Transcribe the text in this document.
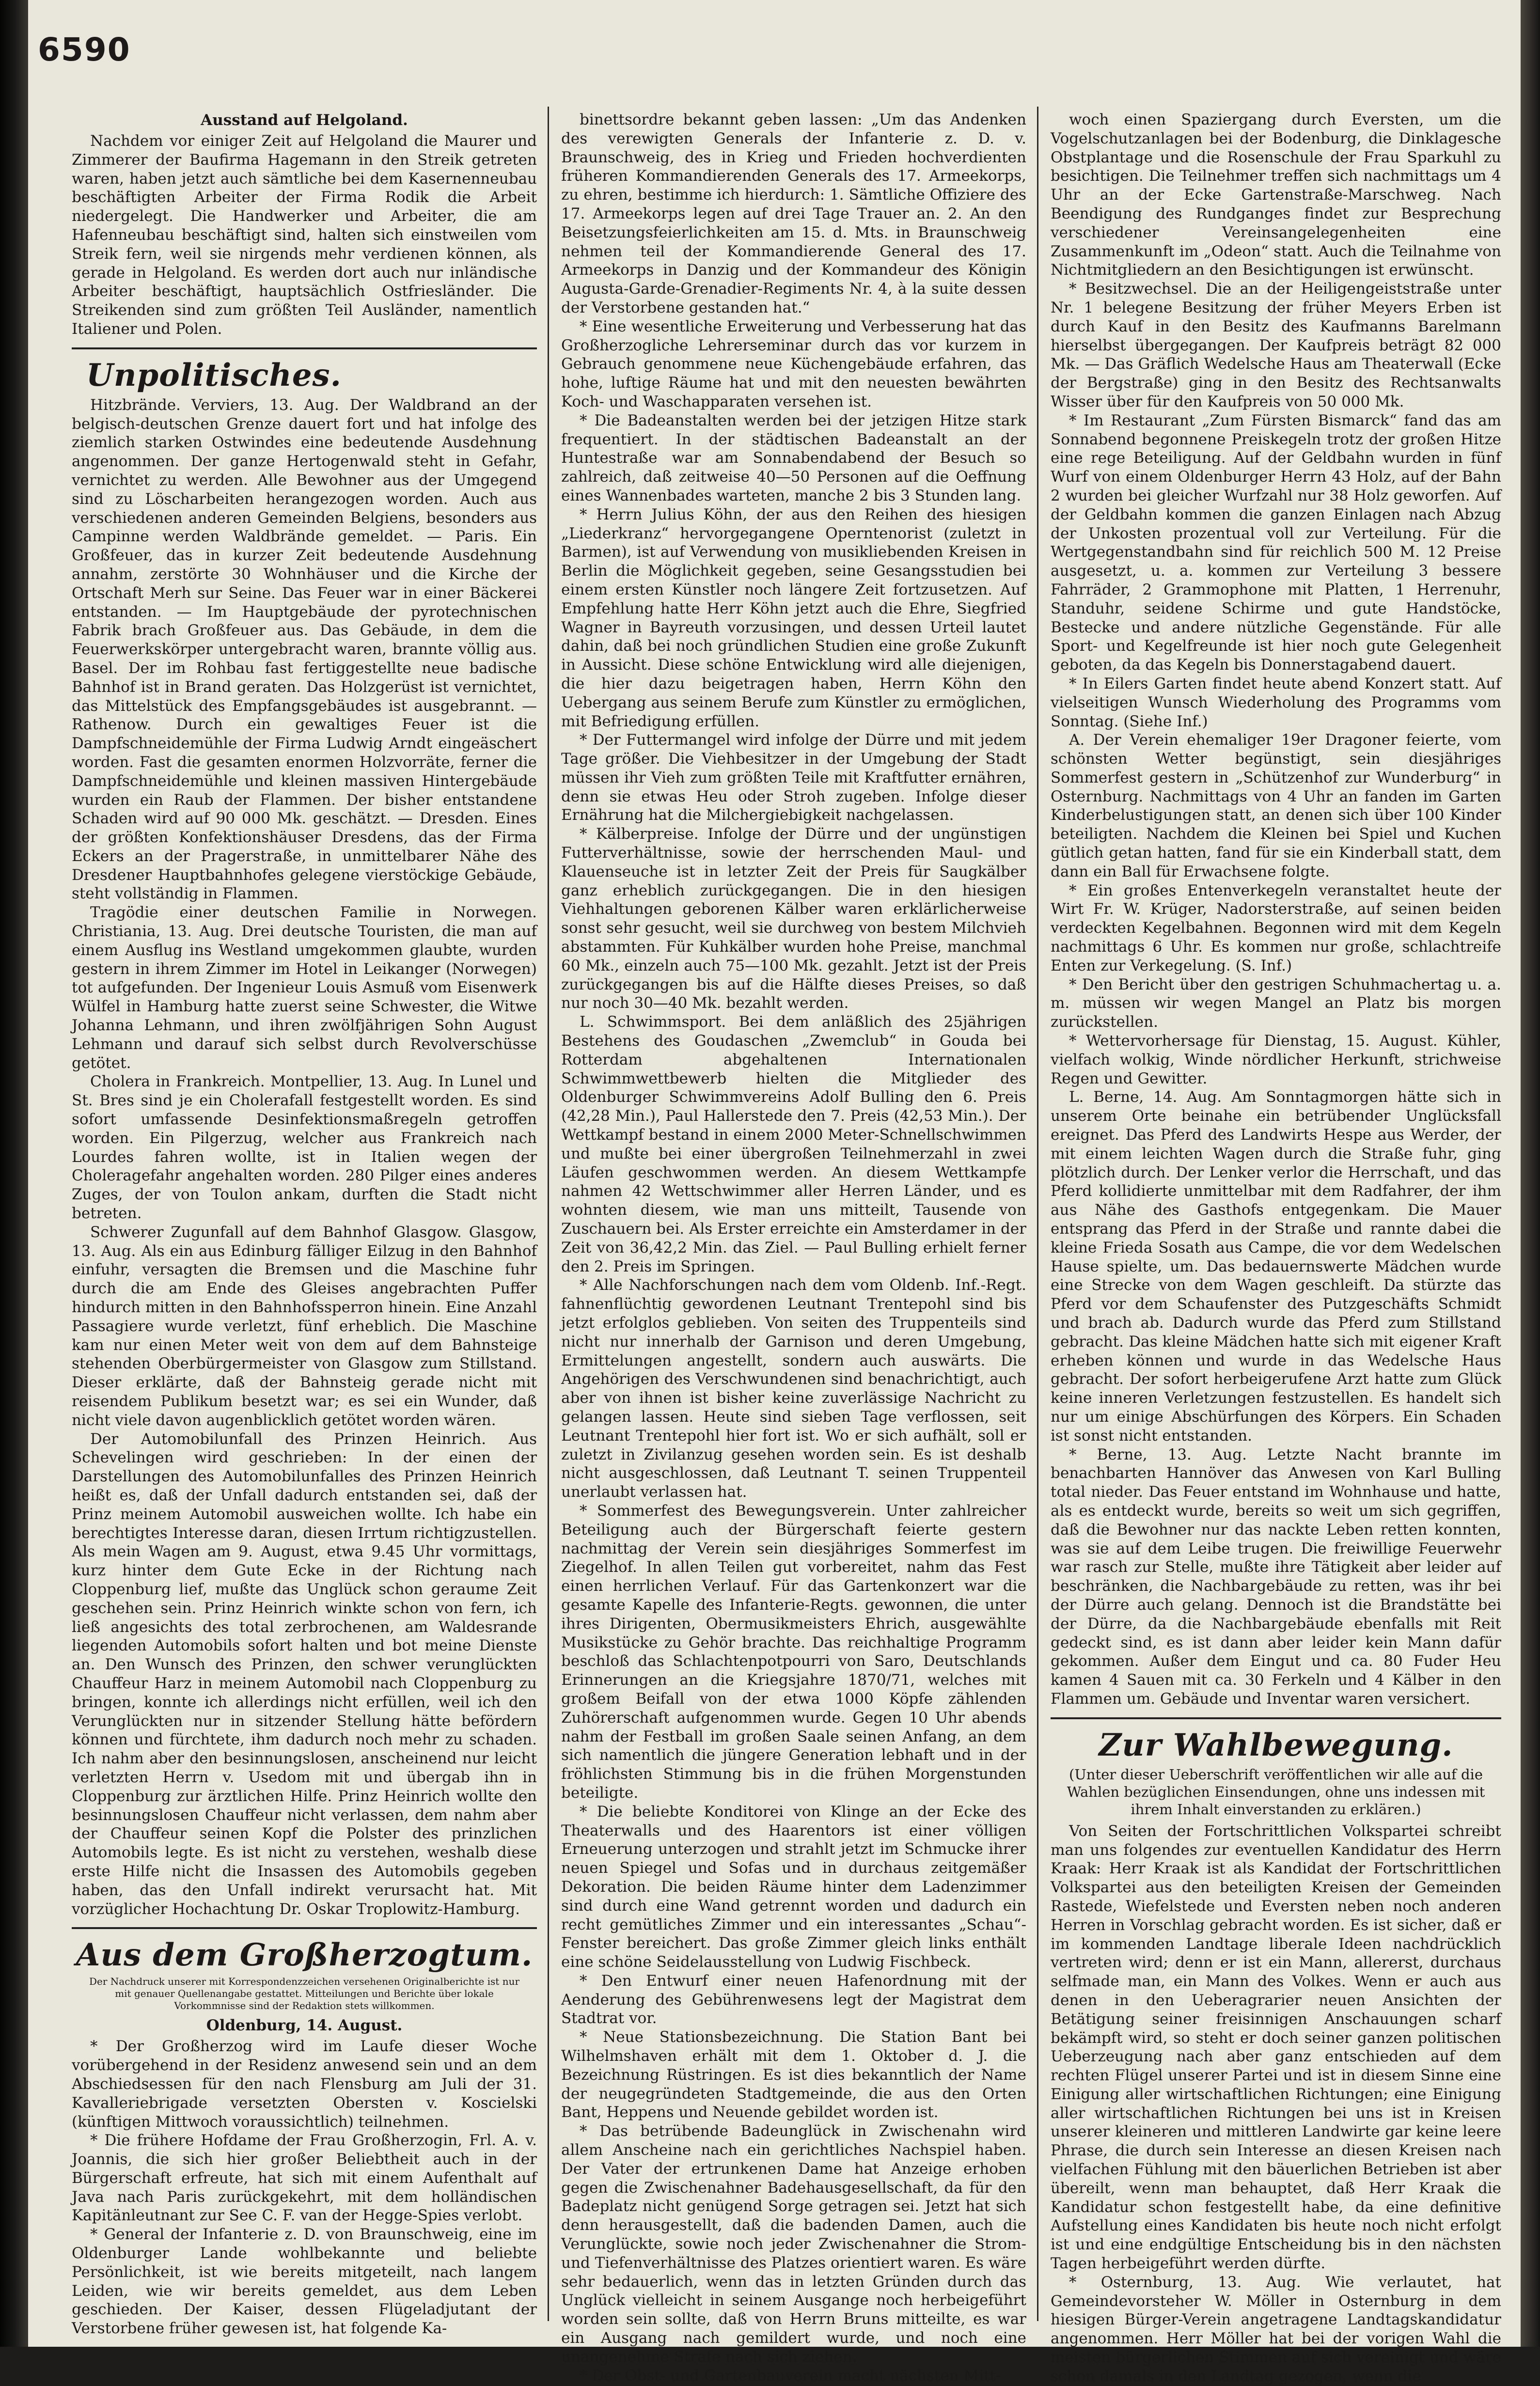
6590
Ausstand auf Helgoland.

Nachdem vor einiger Zeit auf Helgoland die Maurer und Zimmerer der Baufirma Hagemann in den Streik getreten waren, haben jetzt auch sämtliche bei dem Kasernenneubau beschäftigten Arbeiter der Firma Rodik die Arbeit niedergelegt. Die Handwerker und Arbeiter, die am Hafenneubau beschäftigt sind, halten sich einstweilen vom Streik fern, weil sie nirgends mehr verdienen können, als gerade in Helgoland. Es werden dort auch nur inländische Arbeiter beschäftigt, hauptsächlich Ostfriesländer. Die Streikenden sind zum größten Teil Ausländer, namentlich Italiener und Polen.

Unpolitisches.

Hitzbrände. Verviers, 13. Aug. Der Waldbrand an der belgisch-deutschen Grenze dauert fort und hat infolge des ziemlich starken Ostwindes eine bedeutende Ausdehnung angenommen. Der ganze Hertogenwald steht in Gefahr, vernichtet zu werden. Alle Bewohner aus der Umgegend sind zu Löscharbeiten herangezogen worden. Auch aus verschiedenen anderen Gemeinden Belgiens, besonders aus Campinne werden Waldbrände gemeldet. — Paris. Ein Großfeuer, das in kurzer Zeit bedeutende Ausdehnung annahm, zerstörte 30 Wohnhäuser und die Kirche der Ortschaft Merh sur Seine. Das Feuer war in einer Bäckerei entstanden. — Im Hauptgebäude der pyrotechnischen Fabrik brach Großfeuer aus. Das Gebäude, in dem die Feuerwerkskörper untergebracht waren, brannte völlig aus. Basel. Der im Rohbau fast fertiggestellte neue badische Bahnhof ist in Brand geraten. Das Holzgerüst ist vernichtet, das Mittelstück des Empfangsgebäudes ist ausgebrannt. — Rathenow. Durch ein gewaltiges Feuer ist die Dampfschneidemühle der Firma Ludwig Arndt eingeäschert worden. Fast die gesamten enormen Holzvorräte, ferner die Dampfschneidemühle und kleinen massiven Hintergebäude wurden ein Raub der Flammen. Der bisher entstandene Schaden wird auf 90 000 Mk. geschätzt. — Dresden. Eines der größten Konfektionshäuser Dresdens, das der Firma Eckers an der Pragerstraße, in unmittelbarer Nähe des Dresdener Hauptbahnhofes gelegene vierstöckige Gebäude, steht vollständig in Flammen.

Tragödie einer deutschen Familie in Norwegen. Christiania, 13. Aug. Drei deutsche Touristen, die man auf einem Ausflug ins Westland umgekommen glaubte, wurden gestern in ihrem Zimmer im Hotel in Leikanger (Norwegen) tot aufgefunden. Der Ingenieur Louis Asmuß vom Eisenwerk Wülfel in Hamburg hatte zuerst seine Schwester, die Witwe Johanna Lehmann, und ihren zwölfjährigen Sohn August Lehmann und darauf sich selbst durch Revolverschüsse getötet.

Cholera in Frankreich. Montpellier, 13. Aug. In Lunel und St. Bres sind je ein Cholerafall festgestellt worden. Es sind sofort umfassende Desinfektionsmaßregeln getroffen worden. Ein Pilgerzug, welcher aus Frankreich nach Lourdes fahren wollte, ist in Italien wegen der Choleragefahr angehalten worden. 280 Pilger eines anderes Zuges, der von Toulon ankam, durften die Stadt nicht betreten.

Schwerer Zugunfall auf dem Bahnhof Glasgow. Glasgow, 13. Aug. Als ein aus Edinburg fälliger Eilzug in den Bahnhof einfuhr, versagten die Bremsen und die Maschine fuhr durch die am Ende des Gleises angebrachten Puffer hindurch mitten in den Bahnhofssperron hinein. Eine Anzahl Passagiere wurde verletzt, fünf erheblich. Die Maschine kam nur einen Meter weit von dem auf dem Bahnsteige stehenden Oberbürgermeister von Glasgow zum Stillstand. Dieser erklärte, daß der Bahnsteig gerade nicht mit reisendem Publikum besetzt war; es sei ein Wunder, daß nicht viele davon augenblicklich getötet worden wären.

Der Automobilunfall des Prinzen Heinrich. Aus Schevelingen wird geschrieben: In der einen der Darstellungen des Automobilunfalles des Prinzen Heinrich heißt es, daß der Unfall dadurch entstanden sei, daß der Prinz meinem Automobil ausweichen wollte. Ich habe ein berechtigtes Interesse daran, diesen Irrtum richtigzustellen. Als mein Wagen am 9. August, etwa 9.45 Uhr vormittags, kurz hinter dem Gute Ecke in der Richtung nach Cloppenburg lief, mußte das Unglück schon geraume Zeit geschehen sein. Prinz Heinrich winkte schon von fern, ich ließ angesichts des total zerbrochenen, am Waldesrande liegenden Automobils sofort halten und bot meine Dienste an. Den Wunsch des Prinzen, den schwer verunglückten Chauffeur Harz in meinem Automobil nach Cloppenburg zu bringen, konnte ich allerdings nicht erfüllen, weil ich den Verunglückten nur in sitzender Stellung hätte befördern können und fürchtete, ihm dadurch noch mehr zu schaden. Ich nahm aber den besinnungslosen, anscheinend nur leicht verletzten Herrn v. Usedom mit und übergab ihn in Cloppenburg zur ärztlichen Hilfe. Prinz Heinrich wollte den besinnungslosen Chauffeur nicht verlassen, dem nahm aber der Chauffeur seinen Kopf die Polster des prinzlichen Automobils legte. Es ist nicht zu verstehen, weshalb diese erste Hilfe nicht die Insassen des Automobils gegeben haben, das den Unfall indirekt verursacht hat. Mit vorzüglicher Hochachtung Dr. Oskar Troplowitz-Hamburg.

Aus dem Großherzogtum.
Der Nachdruck unserer mit Korrespondenzzeichen versehenen Originalberichte ist nur mit genauer Quellenangabe gestattet. Mitteilungen und Berichte über lokale Vorkommnisse sind der Redaktion stets willkommen.
Oldenburg, 14. August.

* Der Großherzog wird im Laufe dieser Woche vorübergehend in der Residenz anwesend sein und an dem Abschiedsessen für den nach Flensburg am Juli der 31. Kavalleriebrigade versetzten Obersten v. Koscielski (künftigen Mittwoch voraussichtlich) teilnehmen.

* Die frühere Hofdame der Frau Großherzogin, Frl. A. v. Joannis, die sich hier großer Beliebtheit auch in der Bürgerschaft erfreute, hat sich mit einem Aufenthalt auf Java nach Paris zurückgekehrt, mit dem holländischen Kapitänleutnant zur See C. F. van der Hegge-Spies verlobt.

* General der Infanterie z. D. von Braunschweig, eine im Oldenburger Lande wohlbekannte und beliebte Persönlichkeit, ist wie bereits mitgeteilt, nach langem Leiden, wie wir bereits gemeldet, aus dem Leben geschieden. Der Kaiser, dessen Flügeladjutant der Verstorbene früher gewesen ist, hat folgende Ka-

binettsordre bekannt geben lassen: „Um das Andenken des verewigten Generals der Infanterie z. D. v. Braunschweig, des in Krieg und Frieden hochverdienten früheren Kommandierenden Generals des 17. Armeekorps, zu ehren, bestimme ich hierdurch: 1. Sämtliche Offiziere des 17. Armeekorps legen auf drei Tage Trauer an. 2. An den Beisetzungsfeierlichkeiten am 15. d. Mts. in Braunschweig nehmen teil der Kommandierende General des 17. Armeekorps in Danzig und der Kommandeur des Königin Augusta-Garde-Grenadier-Regiments Nr. 4, à la suite dessen der Verstorbene gestanden hat.“

* Eine wesentliche Erweiterung und Verbesserung hat das Großherzogliche Lehrerseminar durch das vor kurzem in Gebrauch genommene neue Küchengebäude erfahren, das hohe, luftige Räume hat und mit den neuesten bewährten Koch- und Waschapparaten versehen ist.

* Die Badeanstalten werden bei der jetzigen Hitze stark frequentiert. In der städtischen Badeanstalt an der Huntestraße war am Sonnabendabend der Besuch so zahlreich, daß zeitweise 40—50 Personen auf die Oeffnung eines Wannenbades warteten, manche 2 bis 3 Stunden lang.

* Herrn Julius Köhn, der aus den Reihen des hiesigen „Liederkranz“ hervorgegangene Operntenorist (zuletzt in Barmen), ist auf Verwendung von musikliebenden Kreisen in Berlin die Möglichkeit gegeben, seine Gesangsstudien bei einem ersten Künstler noch längere Zeit fortzusetzen. Auf Empfehlung hatte Herr Köhn jetzt auch die Ehre, Siegfried Wagner in Bayreuth vorzusingen, und dessen Urteil lautet dahin, daß bei noch gründlichen Studien eine große Zukunft in Aussicht. Diese schöne Entwicklung wird alle diejenigen, die hier dazu beigetragen haben, Herrn Köhn den Uebergang aus seinem Berufe zum Künstler zu ermöglichen, mit Befriedigung erfüllen.

* Der Futtermangel wird infolge der Dürre und mit jedem Tage größer. Die Viehbesitzer in der Umgebung der Stadt müssen ihr Vieh zum größten Teile mit Kraftfutter ernähren, denn sie etwas Heu oder Stroh zugeben. Infolge dieser Ernährung hat die Milchergiebigkeit nachgelassen.

* Kälberpreise. Infolge der Dürre und der ungünstigen Futterverhältnisse, sowie der herrschenden Maul- und Klauenseuche ist in letzter Zeit der Preis für Saugkälber ganz erheblich zurückgegangen. Die in den hiesigen Viehhaltungen geborenen Kälber waren erklärlicherweise sonst sehr gesucht, weil sie durchweg von bestem Milchvieh abstammten. Für Kuhkälber wurden hohe Preise, manchmal 60 Mk., einzeln auch 75—100 Mk. gezahlt. Jetzt ist der Preis zurückgegangen bis auf die Hälfte dieses Preises, so daß nur noch 30—40 Mk. bezahlt werden.

L. Schwimmsport. Bei dem anläßlich des 25jährigen Bestehens des Goudaschen „Zwemclub“ in Gouda bei Rotterdam abgehaltenen Internationalen Schwimmwettbewerb hielten die Mitglieder des Oldenburger Schwimmvereins Adolf Bulling den 6. Preis (42,28 Min.), Paul Hallerstede den 7. Preis (42,53 Min.). Der Wettkampf bestand in einem 2000 Meter-Schnellschwimmen und mußte bei einer übergroßen Teilnehmerzahl in zwei Läufen geschwommen werden. An diesem Wettkampfe nahmen 42 Wettschwimmer aller Herren Länder, und es wohnten diesem, wie man uns mitteilt, Tausende von Zuschauern bei. Als Erster erreichte ein Amsterdamer in der Zeit von 36,42,2 Min. das Ziel. — Paul Bulling erhielt ferner den 2. Preis im Springen.

* Alle Nachforschungen nach dem vom Oldenb. Inf.-Regt. fahnenflüchtig gewordenen Leutnant Trentepohl sind bis jetzt erfolglos geblieben. Von seiten des Truppenteils sind nicht nur innerhalb der Garnison und deren Umgebung, Ermittelungen angestellt, sondern auch auswärts. Die Angehörigen des Verschwundenen sind benachrichtigt, auch aber von ihnen ist bisher keine zuverlässige Nachricht zu gelangen lassen. Heute sind sieben Tage verflossen, seit Leutnant Trentepohl hier fort ist. Wo er sich aufhält, soll er zuletzt in Zivilanzug gesehen worden sein. Es ist deshalb nicht ausgeschlossen, daß Leutnant T. seinen Truppenteil unerlaubt verlassen hat.

* Sommerfest des Bewegungsverein. Unter zahlreicher Beteiligung auch der Bürgerschaft feierte gestern nachmittag der Verein sein diesjähriges Sommerfest im Ziegelhof. In allen Teilen gut vorbereitet, nahm das Fest einen herrlichen Verlauf. Für das Gartenkonzert war die gesamte Kapelle des Infanterie-Regts. gewonnen, die unter ihres Dirigenten, Obermusikmeisters Ehrich, ausgewählte Musikstücke zu Gehör brachte. Das reichhaltige Programm beschloß das Schlachtenpotpourri von Saro, Deutschlands Erinnerungen an die Kriegsjahre 1870/71, welches mit großem Beifall von der etwa 1000 Köpfe zählenden Zuhörerschaft aufgenommen wurde. Gegen 10 Uhr abends nahm der Festball im großen Saale seinen Anfang, an dem sich namentlich die jüngere Generation lebhaft und in der fröhlichsten Stimmung bis in die frühen Morgenstunden beteiligte.

* Die beliebte Konditorei von Klinge an der Ecke des Theaterwalls und des Haarentors ist einer völligen Erneuerung unterzogen und strahlt jetzt im Schmucke ihrer neuen Spiegel und Sofas und in durchaus zeitgemäßer Dekoration. Die beiden Räume hinter dem Ladenzimmer sind durch eine Wand getrennt worden und dadurch ein recht gemütliches Zimmer und ein interessantes „Schau“-Fenster bereichert. Das große Zimmer gleich links enthält eine schöne Seidelausstellung von Ludwig Fischbeck.

* Den Entwurf einer neuen Hafenordnung mit der Aenderung des Gebührenwesens legt der Magistrat dem Stadtrat vor.

* Neue Stationsbezeichnung. Die Station Bant bei Wilhelmshaven erhält mit dem 1. Oktober d. J. die Bezeichnung Rüstringen. Es ist dies bekanntlich der Name der neugegründeten Stadtgemeinde, die aus den Orten Bant, Heppens und Neuende gebildet worden ist.

* Das betrübende Badeunglück in Zwischenahn wird allem Anscheine nach ein gerichtliches Nachspiel haben. Der Vater der ertrunkenen Dame hat Anzeige erhoben gegen die Zwischenahner Badehausgesellschaft, da für den Badeplatz nicht genügend Sorge getragen sei. Jetzt hat sich denn herausgestellt, daß die badenden Damen, auch die Verunglückte, sowie noch jeder Zwischenahner die Strom- und Tiefenverhältnisse des Platzes orientiert waren. Es wäre sehr bedauerlich, wenn das in letzten Gründen durch das Unglück vielleicht in seinem Ausgange noch herbeigeführt worden sein sollte, daß von Herrn Bruns mitteilte, es war ein Ausgang nach gemildert wurde, und noch eine unangenehme Strafe nach sich ziehen.

* Der Obst- und Gartenbauverein macht nächsten Mitt-

woch einen Spaziergang durch Eversten, um die Vogelschutzanlagen bei der Bodenburg, die Dinklagesche Obstplantage und die Rosenschule der Frau Sparkuhl zu besichtigen. Die Teilnehmer treffen sich nachmittags um 4 Uhr an der Ecke Gartenstraße-Marschweg. Nach Beendigung des Rundganges findet zur Besprechung verschiedener Vereinsangelegenheiten eine Zusammenkunft im „Odeon“ statt. Auch die Teilnahme von Nichtmitgliedern an den Besichtigungen ist erwünscht.

* Besitzwechsel. Die an der Heiligengeiststraße unter Nr. 1 belegene Besitzung der früher Meyers Erben ist durch Kauf in den Besitz des Kaufmanns Barelmann hierselbst übergegangen. Der Kaufpreis beträgt 82 000 Mk. — Das Gräflich Wedelsche Haus am Theaterwall (Ecke der Bergstraße) ging in den Besitz des Rechtsanwalts Wisser über für den Kaufpreis von 50 000 Mk.

* Im Restaurant „Zum Fürsten Bismarck“ fand das am Sonnabend begonnene Preiskegeln trotz der großen Hitze eine rege Beteiligung. Auf der Geldbahn wurden in fünf Wurf von einem Oldenburger Herrn 43 Holz, auf der Bahn 2 wurden bei gleicher Wurfzahl nur 38 Holz geworfen. Auf der Geldbahn kommen die ganzen Einlagen nach Abzug der Unkosten prozentual voll zur Verteilung. Für die Wertgegenstandbahn sind für reichlich 500 M. 12 Preise ausgesetzt, u. a. kommen zur Verteilung 3 bessere Fahrräder, 2 Grammophone mit Platten, 1 Herrenuhr, Standuhr, seidene Schirme und gute Handstöcke, Bestecke und andere nützliche Gegenstände. Für alle Sport- und Kegelfreunde ist hier noch gute Gelegenheit geboten, da das Kegeln bis Donnerstagabend dauert.

* In Eilers Garten findet heute abend Konzert statt. Auf vielseitigen Wunsch Wiederholung des Programms vom Sonntag. (Siehe Inf.)

A. Der Verein ehemaliger 19er Dragoner feierte, vom schönsten Wetter begünstigt, sein diesjähriges Sommerfest gestern in „Schützenhof zur Wunderburg“ in Osternburg. Nachmittags von 4 Uhr an fanden im Garten Kinderbelustigungen statt, an denen sich über 100 Kinder beteiligten. Nachdem die Kleinen bei Spiel und Kuchen gütlich getan hatten, fand für sie ein Kinderball statt, dem dann ein Ball für Erwachsene folgte.

* Ein großes Entenverkegeln veranstaltet heute der Wirt Fr. W. Krüger, Nadorsterstraße, auf seinen beiden verdeckten Kegelbahnen. Begonnen wird mit dem Kegeln nachmittags 6 Uhr. Es kommen nur große, schlachtreife Enten zur Verkegelung. (S. Inf.)

* Den Bericht über den gestrigen Schuhmachertag u. a. m. müssen wir wegen Mangel an Platz bis morgen zurückstellen.

* Wettervorhersage für Dienstag, 15. August. Kühler, vielfach wolkig, Winde nördlicher Herkunft, strichweise Regen und Gewitter.

L. Berne, 14. Aug. Am Sonntagmorgen hätte sich in unserem Orte beinahe ein betrübender Unglücksfall ereignet. Das Pferd des Landwirts Hespe aus Werder, der mit einem leichten Wagen durch die Straße fuhr, ging plötzlich durch. Der Lenker verlor die Herrschaft, und das Pferd kollidierte unmittelbar mit dem Radfahrer, der ihm aus Nähe des Gasthofs entgegenkam. Die Mauer entsprang das Pferd in der Straße und rannte dabei die kleine Frieda Sosath aus Campe, die vor dem Wedelschen Hause spielte, um. Das bedauernswerte Mädchen wurde eine Strecke von dem Wagen geschleift. Da stürzte das Pferd vor dem Schaufenster des Putzgeschäfts Schmidt und brach ab. Dadurch wurde das Pferd zum Stillstand gebracht. Das kleine Mädchen hatte sich mit eigener Kraft erheben können und wurde in das Wedelsche Haus gebracht. Der sofort herbeigerufene Arzt hatte zum Glück keine inneren Verletzungen festzustellen. Es handelt sich nur um einige Abschürfungen des Körpers. Ein Schaden ist sonst nicht entstanden.

* Berne, 13. Aug. Letzte Nacht brannte im benachbarten Hannöver das Anwesen von Karl Bulling total nieder. Das Feuer entstand im Wohnhause und hatte, als es entdeckt wurde, bereits so weit um sich gegriffen, daß die Bewohner nur das nackte Leben retten konnten, was sie auf dem Leibe trugen. Die freiwillige Feuerwehr war rasch zur Stelle, mußte ihre Tätigkeit aber leider auf beschränken, die Nachbargebäude zu retten, was ihr bei der Dürre auch gelang. Dennoch ist die Brandstätte bei der Dürre, da die Nachbargebäude ebenfalls mit Reit gedeckt sind, es ist dann aber leider kein Mann dafür gekommen. Außer dem Eingut und ca. 80 Fuder Heu kamen 4 Sauen mit ca. 30 Ferkeln und 4 Kälber in den Flammen um. Gebäude und Inventar waren versichert.

Zur Wahlbewegung.
(Unter dieser Ueberschrift veröffentlichen wir alle auf die Wahlen bezüglichen Einsendungen, ohne uns indessen mit ihrem Inhalt einverstanden zu erklären.)

Von Seiten der Fortschrittlichen Volkspartei schreibt man uns folgendes zur eventuellen Kandidatur des Herrn Kraak: Herr Kraak ist als Kandidat der Fortschrittlichen Volkspartei aus den beteiligten Kreisen der Gemeinden Rastede, Wiefelstede und Eversten neben noch anderen Herren in Vorschlag gebracht worden. Es ist sicher, daß er im kommenden Landtage liberale Ideen nachdrücklich vertreten wird; denn er ist ein Mann, allererst, durchaus selfmade man, ein Mann des Volkes. Wenn er auch aus denen in den Ueberagrarier neuen Ansichten der Betätigung seiner freisinnigen Anschauungen scharf bekämpft wird, so steht er doch seiner ganzen politischen Ueberzeugung nach aber ganz entschieden auf dem rechten Flügel unserer Partei und ist in diesem Sinne eine Einigung aller wirtschaftlichen Richtungen; eine Einigung aller wirtschaftlichen Richtungen bei uns ist in Kreisen unserer kleineren und mittleren Landwirte gar keine leere Phrase, die durch sein Interesse an diesen Kreisen nach vielfachen Fühlung mit den bäuerlichen Betrieben ist aber übereilt, wenn man behauptet, daß Herr Kraak die Kandidatur schon festgestellt habe, da eine definitive Aufstellung eines Kandidaten bis heute noch nicht erfolgt ist und eine endgültige Entscheidung bis in den nächsten Tagen herbeigeführt werden dürfte.

* Osternburg, 13. Aug. Wie verlautet, hat Gemeindevorsteher W. Möller in Osternburg in dem hiesigen Bürger-Verein angetragene Landtagskandidatur angenommen. Herr Möller hat bei der vorigen Wahl die meisten bürgerlichen Stimmen auf sich vereinigt und wäre schon damals in den Landtag gezogen, wenn die
